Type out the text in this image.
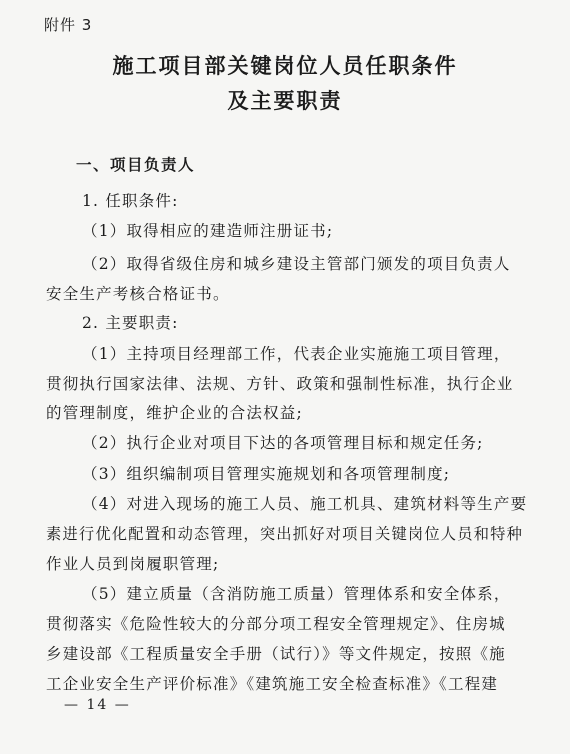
附件 3
施工项目部关键岗位人员任职条件
及主要职责
一、项目负责人
1. 任职条件:
（1）取得相应的建造师注册证书;
（2）取得省级住房和城乡建设主管部门颁发的项目负责人
安全生产考核合格证书。
2. 主要职责:
（1）主持项目经理部工作，代表企业实施施工项目管理，
贯彻执行国家法律、法规、方针、政策和强制性标准，执行企业
的管理制度，维护企业的合法权益;
（2）执行企业对项目下达的各项管理目标和规定任务;
（3）组织编制项目管理实施规划和各项管理制度;
（4）对进入现场的施工人员、施工机具、建筑材料等生产要
素进行优化配置和动态管理，突出抓好对项目关键岗位人员和特种
作业人员到岗履职管理;
（5）建立质量（含消防施工质量）管理体系和安全体系，
贯彻落实《危险性较大的分部分项工程安全管理规定》、住房城
乡建设部《工程质量安全手册（试行）》等文件规定，按照《施
工企业安全生产评价标准》《建筑施工安全检查标准》《工程建
— 14 —
